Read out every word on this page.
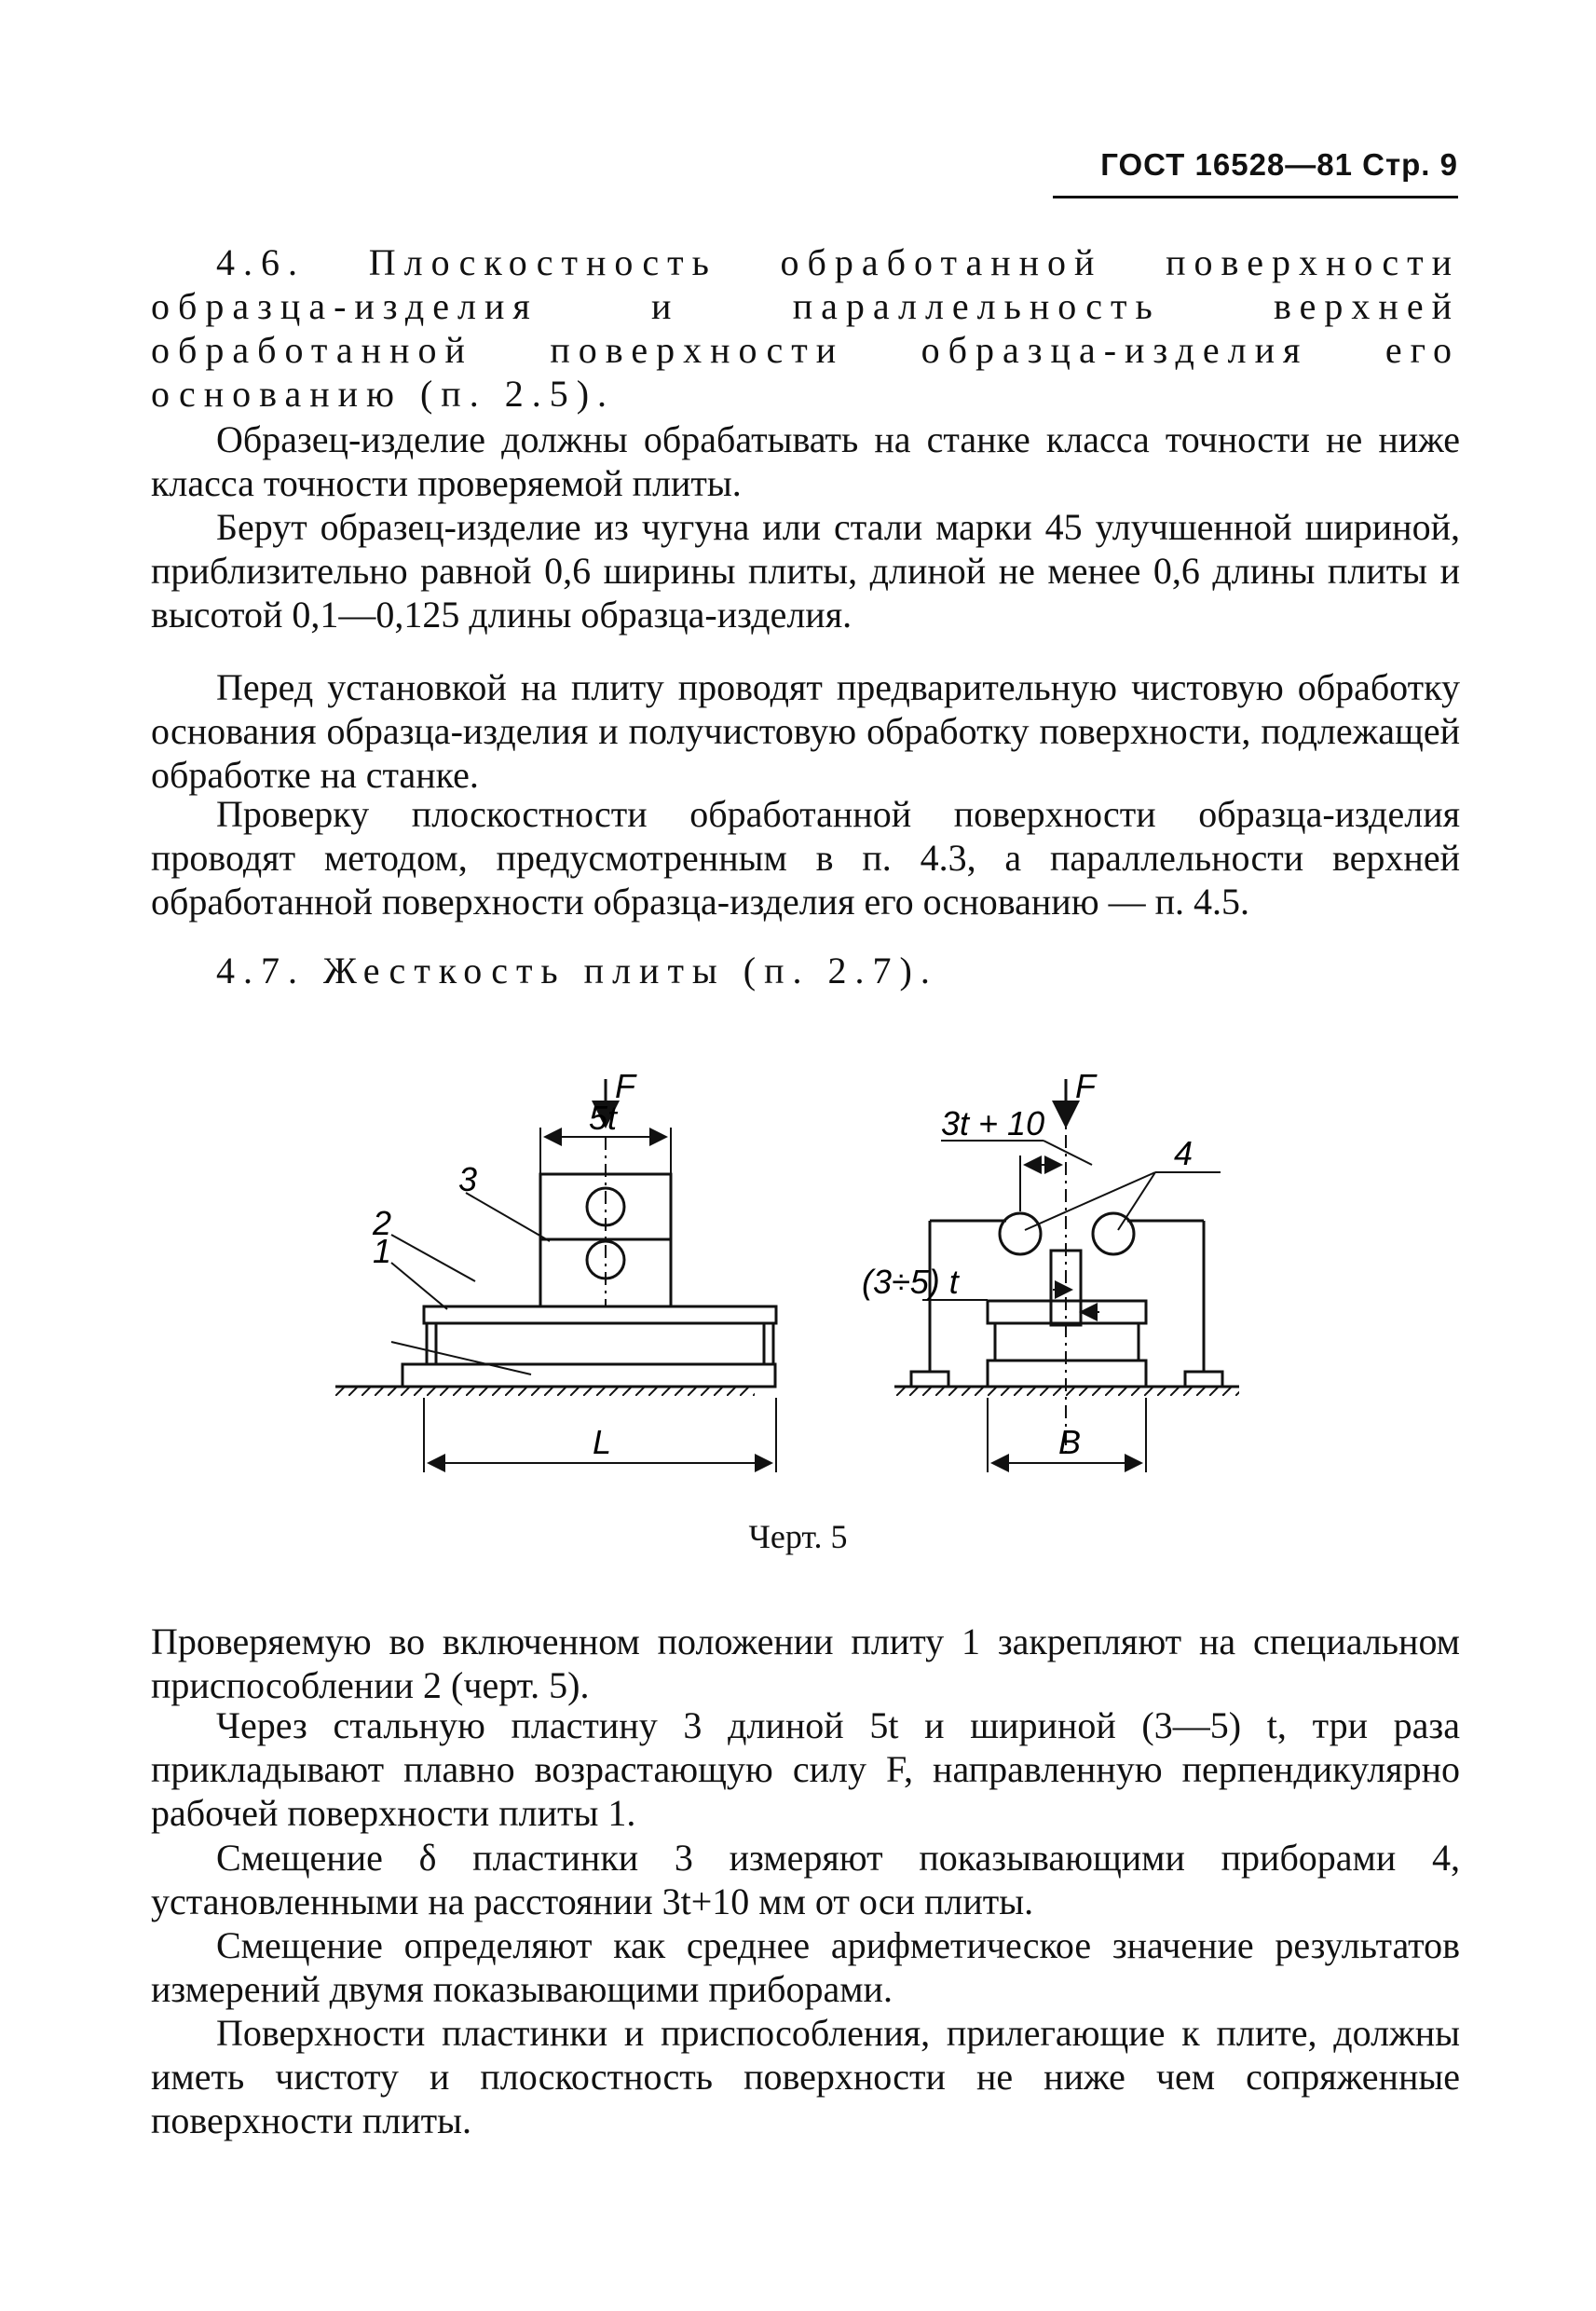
ГОСТ 16528—81 Стр. 9

4.6. Плоскостность обработанной поверхности образца-изделия и параллельность верхней обработанной поверхности образца-изделия его основанию (п. 2.5).

Образец-изделие должны обрабатывать на станке класса точности не ниже класса точности проверяемой плиты.

Берут образец-изделие из чугуна или стали марки 45 улучшенной шириной, приблизительно равной 0,6 ширины плиты, длиной не менее 0,6 длины плиты и высотой 0,1—0,125 длины образца-изделия.

Перед установкой на плиту проводят предварительную чистовую обработку основания образца-изделия и получистовую обработку поверхности, подлежащей обработке на станке.

Проверку плоскостности обработанной поверхности образца-изделия проводят методом, предусмотренным в п. 4.3, а параллельности верхней обработанной поверхности образца-изделия его основанию — п. 4.5.

4.7. Жесткость плиты (п. 2.7).

F
5t
3
2
1
L
F
3t + 10
4
(3÷5) t
B
Черт. 5

Проверяемую во включенном положении плиту 1 закрепляют на специальном приспособлении 2 (черт. 5).

Через стальную пластину 3 длиной 5t и шириной (3—5) t, три раза прикладывают плавно возрастающую силу F, направленную перпендикулярно рабочей поверхности плиты 1.

Смещение δ пластинки 3 измеряют показывающими приборами 4, установленными на расстоянии 3t+10 мм от оси плиты.

Смещение определяют как среднее арифметическое значение результатов измерений двумя показывающими приборами.

Поверхности пластинки и приспособления, прилегающие к плите, должны иметь чистоту и плоскостность поверхности не ниже чем сопряженные поверхности плиты.
